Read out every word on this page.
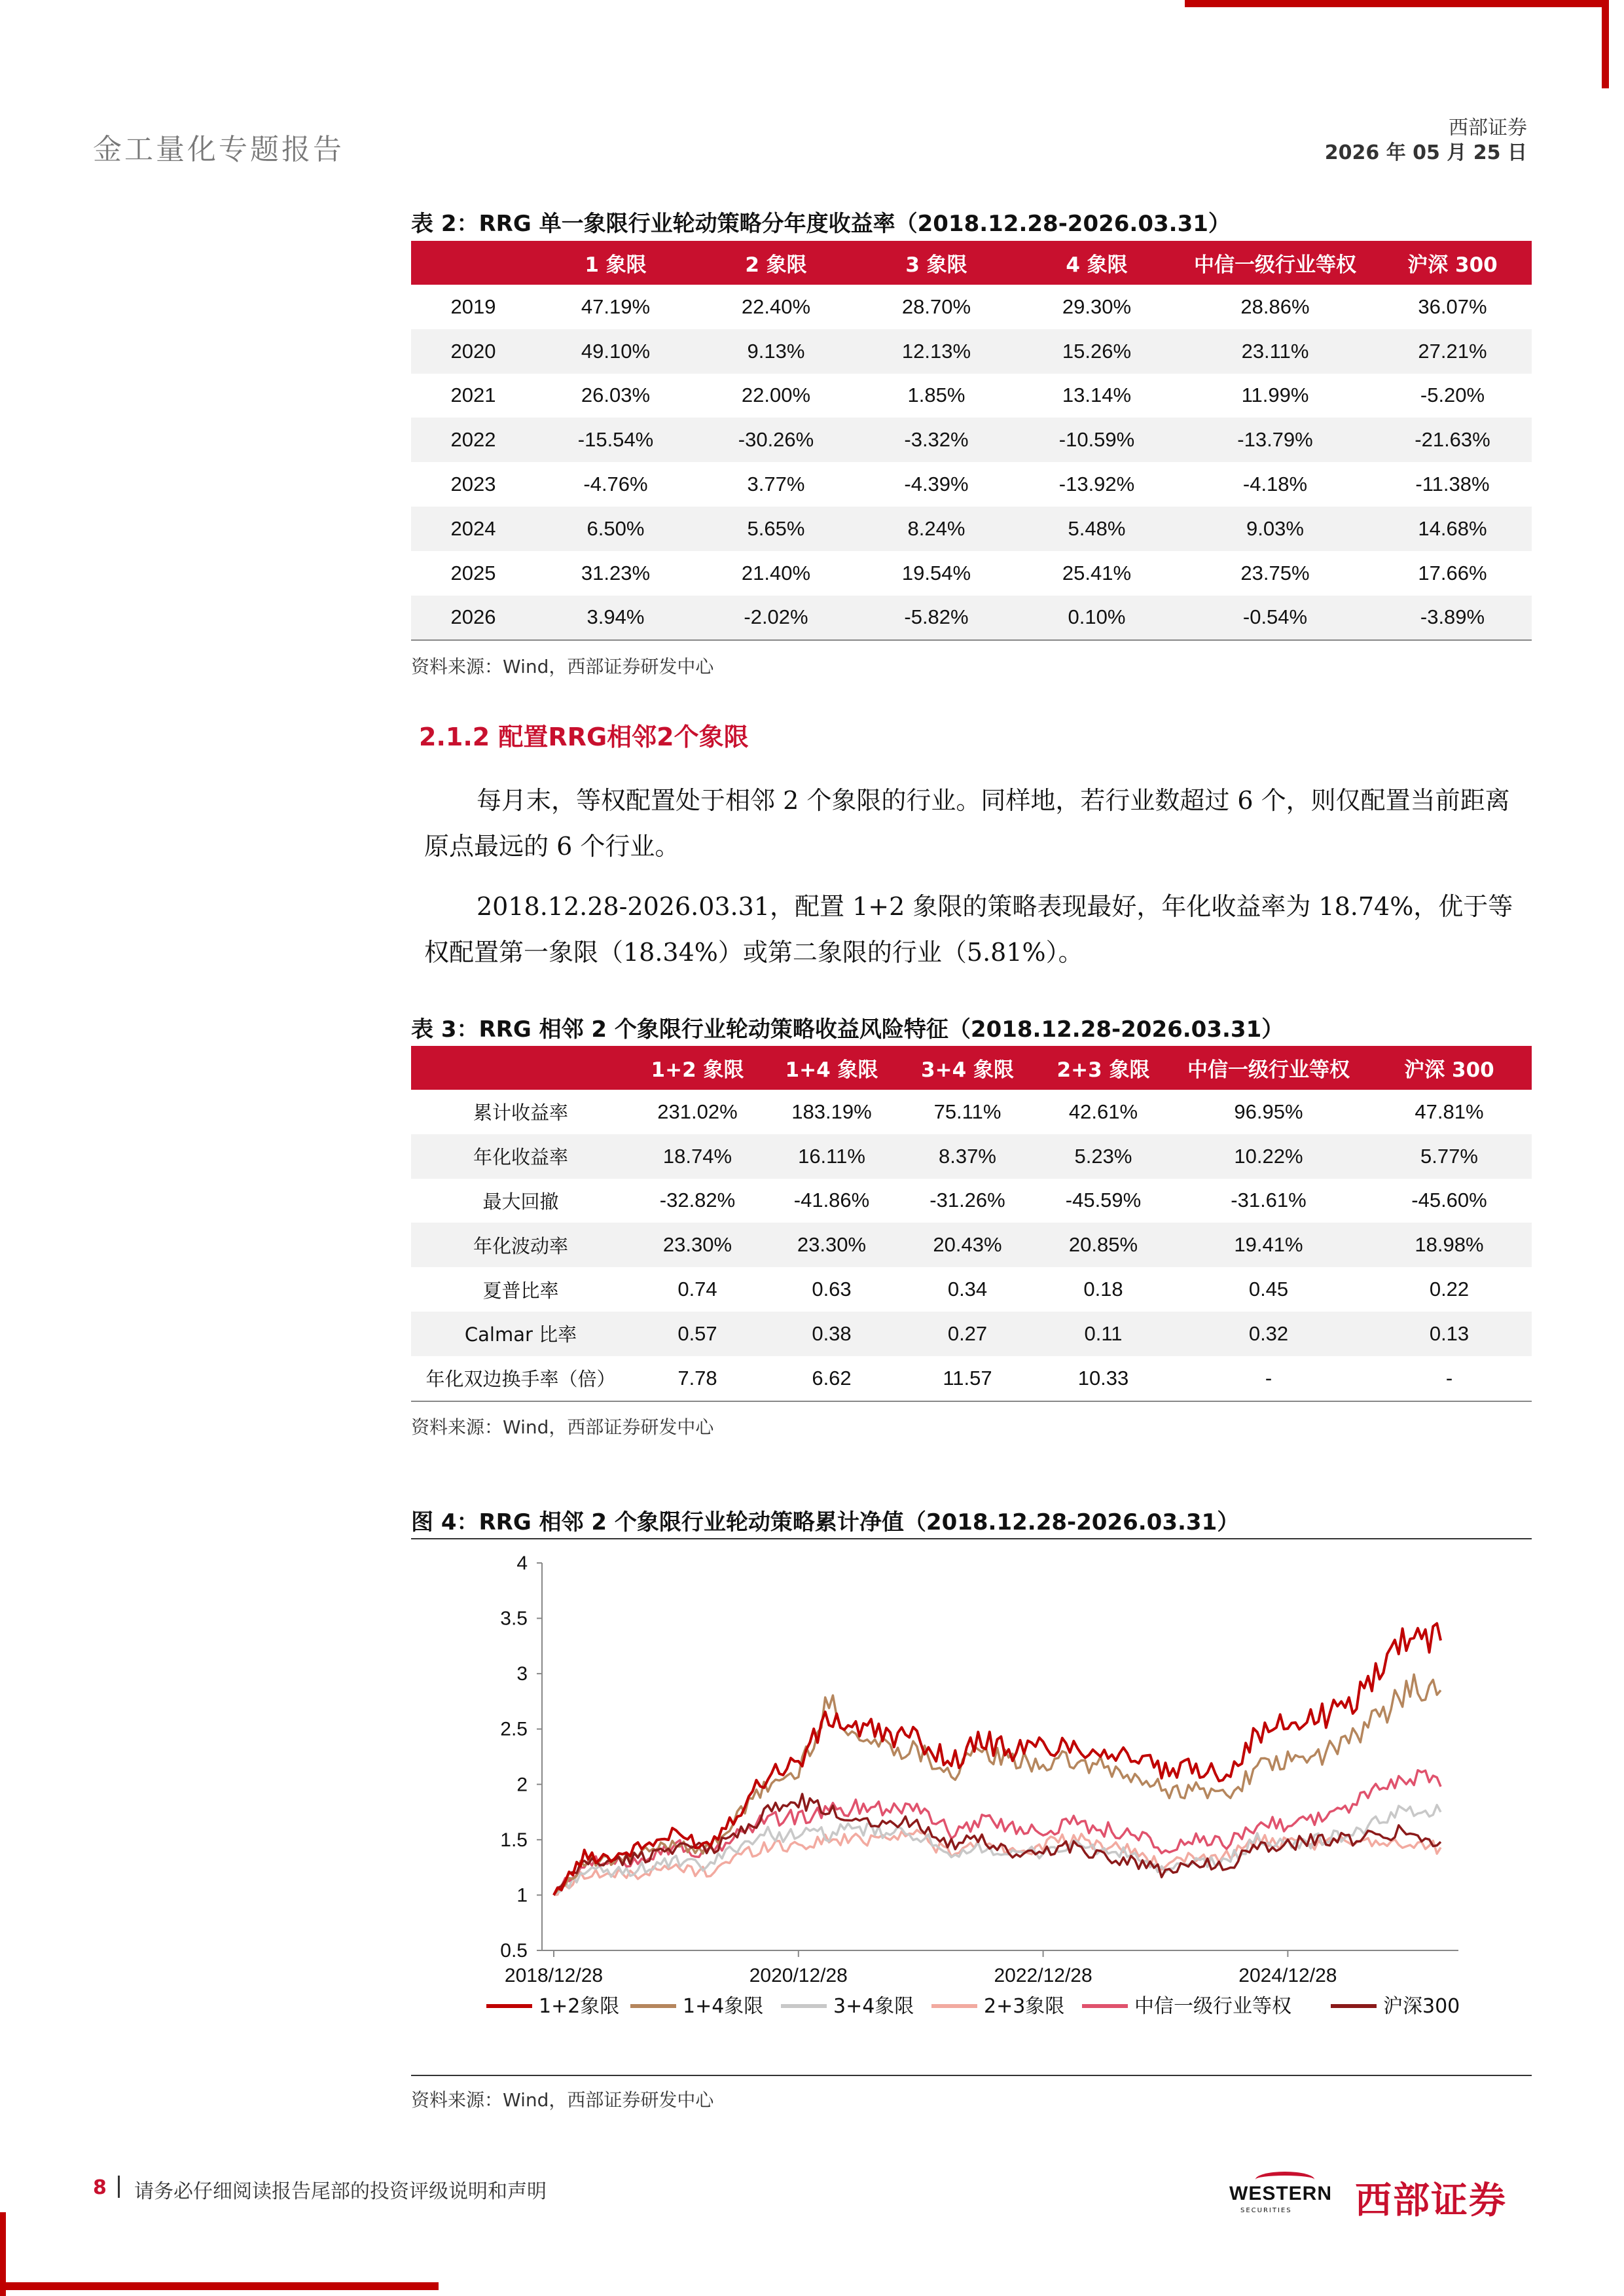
金工量化专题报告
西部证券
2026 年 05 月 25 日
表 2：RRG 单一象限行业轮动策略分年度收益率（2018.12.28-2026.03.31）
	1 象限	2 象限	3 象限	4 象限	中信一级行业等权	沪深 300
2019	47.19%	22.40%	28.70%	29.30%	28.86%	36.07%
2020	49.10%	9.13%	12.13%	15.26%	23.11%	27.21%
2021	26.03%	22.00%	1.85%	13.14%	11.99%	-5.20%
2022	-15.54%	-30.26%	-3.32%	-10.59%	-13.79%	-21.63%
2023	-4.76%	3.77%	-4.39%	-13.92%	-4.18%	-11.38%
2024	6.50%	5.65%	8.24%	5.48%	9.03%	14.68%
2025	31.23%	21.40%	19.54%	25.41%	23.75%	17.66%
2026	3.94%	-2.02%	-5.82%	0.10%	-0.54%	-3.89%
资料来源：Wind，西部证券研发中心
2.1.2 配置RRG相邻2个象限

每月末，等权配置处于相邻 2 个象限的行业。同样地，若行业数超过 6 个，则仅配置当前距离原点最远的 6 个行业。

2018.12.28-2026.03.31，配置 1+2 象限的策略表现最好，年化收益率为 18.74%，优于等权配置第一象限（18.34%）或第二象限的行业（5.81%）。

表 3：RRG 相邻 2 个象限行业轮动策略收益风险特征（2018.12.28-2026.03.31）
	1+2 象限	1+4 象限	3+4 象限	2+3 象限	中信一级行业等权	沪深 300
累计收益率	231.02%	183.19%	75.11%	42.61%	96.95%	47.81%
年化收益率	18.74%	16.11%	8.37%	5.23%	10.22%	5.77%
最大回撤	-32.82%	-41.86%	-31.26%	-45.59%	-31.61%	-45.60%
年化波动率	23.30%	23.30%	20.43%	20.85%	19.41%	18.98%
夏普比率	0.74	0.63	0.34	0.18	0.45	0.22
Calmar 比率	0.57	0.38	0.27	0.11	0.32	0.13
年化双边换手率（倍）	7.78	6.62	11.57	10.33	-	-
资料来源：Wind，西部证券研发中心
图 4：RRG 相邻 2 个象限行业轮动策略累计净值（2018.12.28-2026.03.31）
0.5
1
1.5
2
2.5
3
3.5
4
2018/12/28	2020/12/28	2022/12/28	2024/12/28
1+2象限	1+4象限	3+4象限	2+3象限	中信一级行业等权	沪深300
资料来源：Wind，西部证券研发中心
8 请务必仔细阅读报告尾部的投资评级说明和声明	WESTERN
SECURITIES 西部证券
